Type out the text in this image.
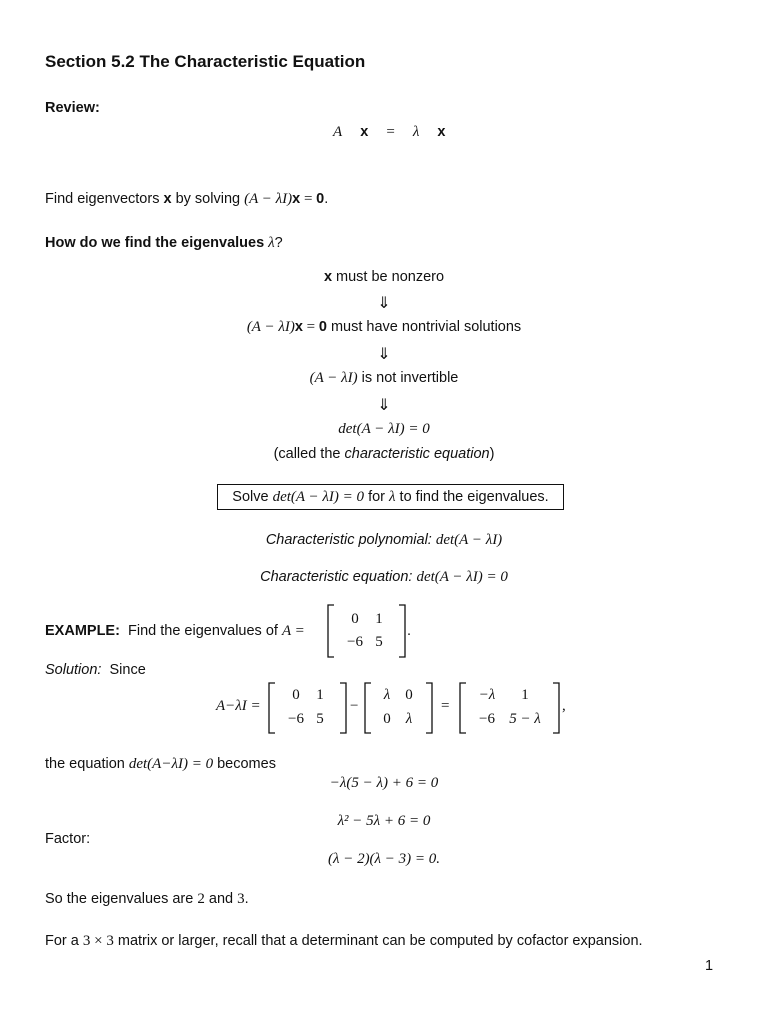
Section 5.2 The Characteristic Equation
Review:
A x = λ x
Find eigenvectors x by solving (A − λI)x = 0.
How do we find the eigenvalues λ?
x must be nonzero
⇓
(A − λI)x = 0 must have nontrivial solutions
⇓
(A − λI) is not invertible
⇓
det(A − λI) = 0
(called the characteristic equation)
Solve det(A − λI) = 0 for λ to find the eigenvalues.
Characteristic polynomial: det(A − λI)
Characteristic equation: det(A − λI) = 0
EXAMPLE: Find the eigenvalues of A =
0	1
−6 5
.
Solution: Since
A−λI =
0	1
−6 5
−
λ	0
0	λ
=
−λ	1
−6 5 − λ
,
the equation det(A−λI) = 0 becomes
−λ(5 − λ) + 6 = 0
λ² − 5λ + 6 = 0
Factor:
(λ − 2)(λ − 3) = 0.
So the eigenvalues are 2 and 3.
For a 3 × 3 matrix or larger, recall that a determinant can be computed by cofactor expansion.
1
